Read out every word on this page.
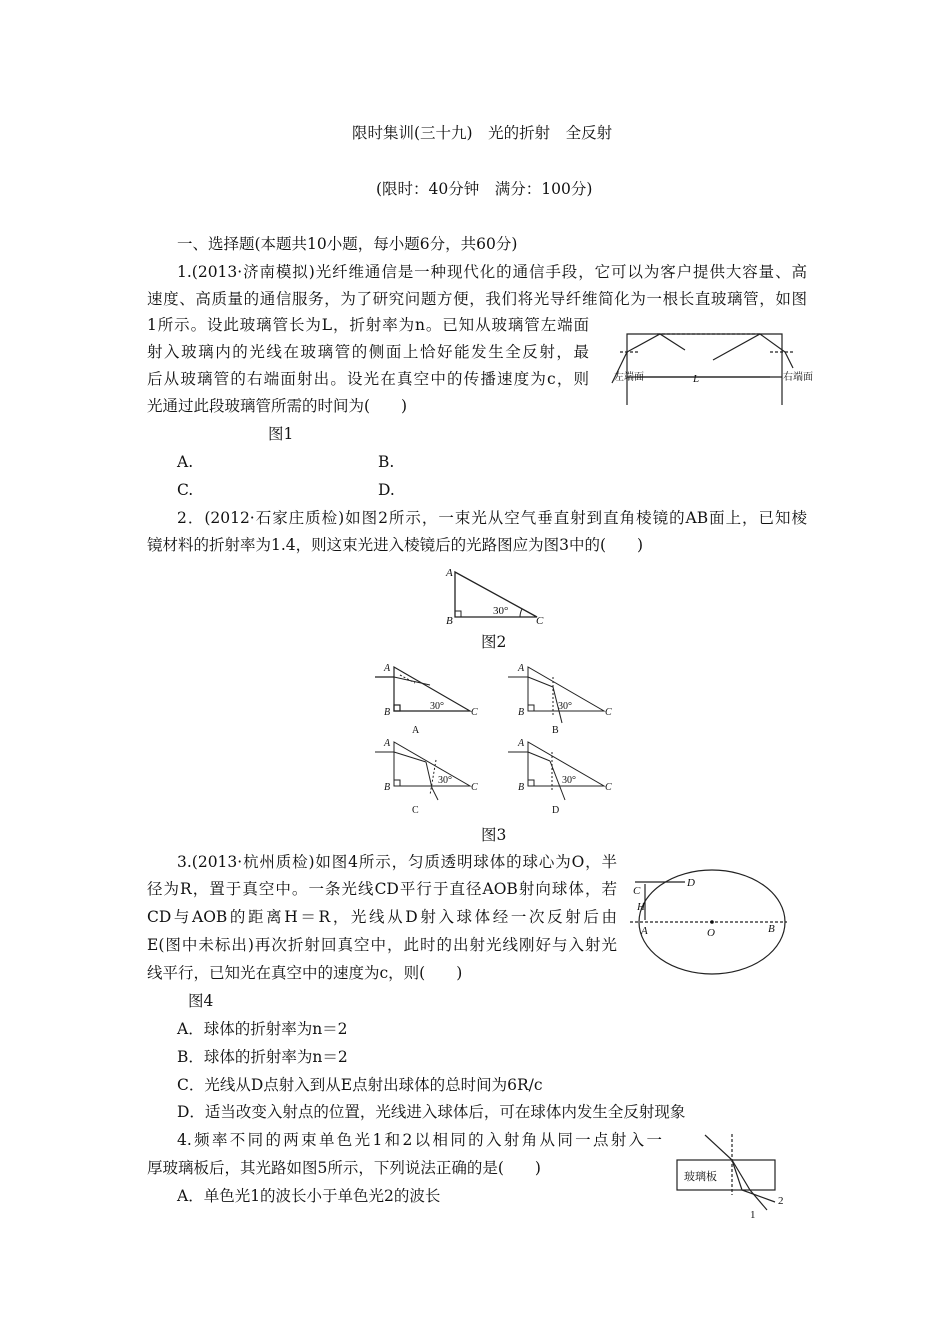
限时集训(三十九)　光的折射　全反射
(限时：40分钟　满分：100分)
一、选择题(本题共10小题，每小题6分，共60分)
1.(2013·济南模拟)光纤维通信是一种现代化的通信手段，它可以为客户提供大容量、高
速度、高质量的通信服务，为了研究问题方便，我们将光导纤维简化为一根长直玻璃管，如图
1所示。设此玻璃管长为L，折射率为n。已知从玻璃管左端面
射入玻璃内的光线在玻璃管的侧面上恰好能发生全反射，最
后从玻璃管的右端面射出。设光在真空中的传播速度为c，则
光通过此段玻璃管所需的时间为(　　)
图1
A.	B.
C.	D.
L
左端面	右端面
2．(2012·石家庄质检)如图2所示，一束光从空气垂直射到直角棱镜的AB面上，已知棱
镜材料的折射率为1.4，则这束光进入棱镜后的光路图应为图3中的(　　)
A
B	C
30°
图2
A
B	C
A
B	C
A
B	C
A
B	C
30°	30°
30°	30°
A	B
C	D
图3
3.(2013·杭州质检)如图4所示，匀质透明球体的球心为O，半
径为R，置于真空中。一条光线CD平行于直径AOB射向球体，若
CD与AOB的距离H＝R，光线从D射入球体经一次反射后由
E(图中未标出)再次折射回真空中，此时的出射光线刚好与入射光
线平行，已知光在真空中的速度为c，则(　　)
图4
A．球体的折射率为n＝2
B．球体的折射率为n＝2
C．光线从D点射入到从E点射出球体的总时间为6R/c
D．适当改变入射点的位置，光线进入球体后，可在球体内发生全反射现象
C
D
H
A	O	B
4.频率不同的两束单色光1和2以相同的入射角从同一点射入一
厚玻璃板后，其光路如图5所示，下列说法正确的是(　　)
A．单色光1的波长小于单色光2的波长
玻璃板
2
1
